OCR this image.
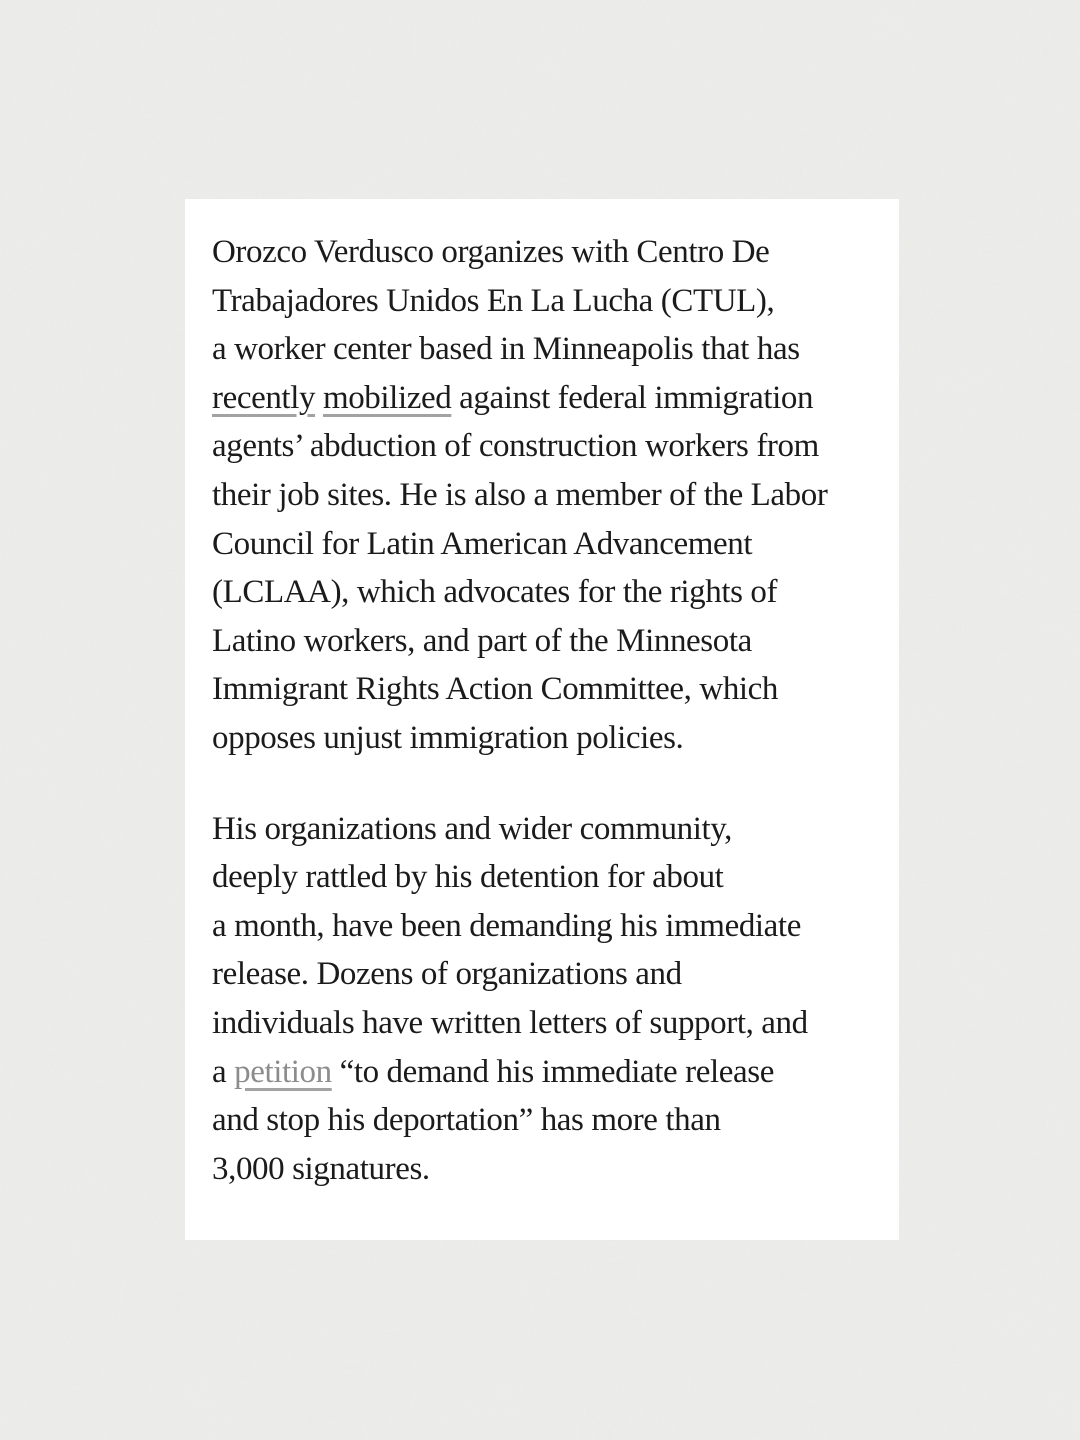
Orozco Verdusco organizes with Centro De
Trabajadores Unidos En La Lucha (CTUL),
a worker center based in Minneapolis that has
recently mobilized against federal immigration
agents’ abduction of construction workers from
their job sites. He is also a member of the Labor
Council for Latin American Advancement
(LCLAA), which advocates for the rights of
Latino workers, and part of the Minnesota
Immigrant Rights Action Committee, which
opposes unjust immigration policies.

His organizations and wider community,
deeply rattled by his detention for about
a month, have been demanding his immediate
release. Dozens of organizations and
individuals have written letters of support, and
a petition “to demand his immediate release
and stop his deportation” has more than
3,000 signatures.
